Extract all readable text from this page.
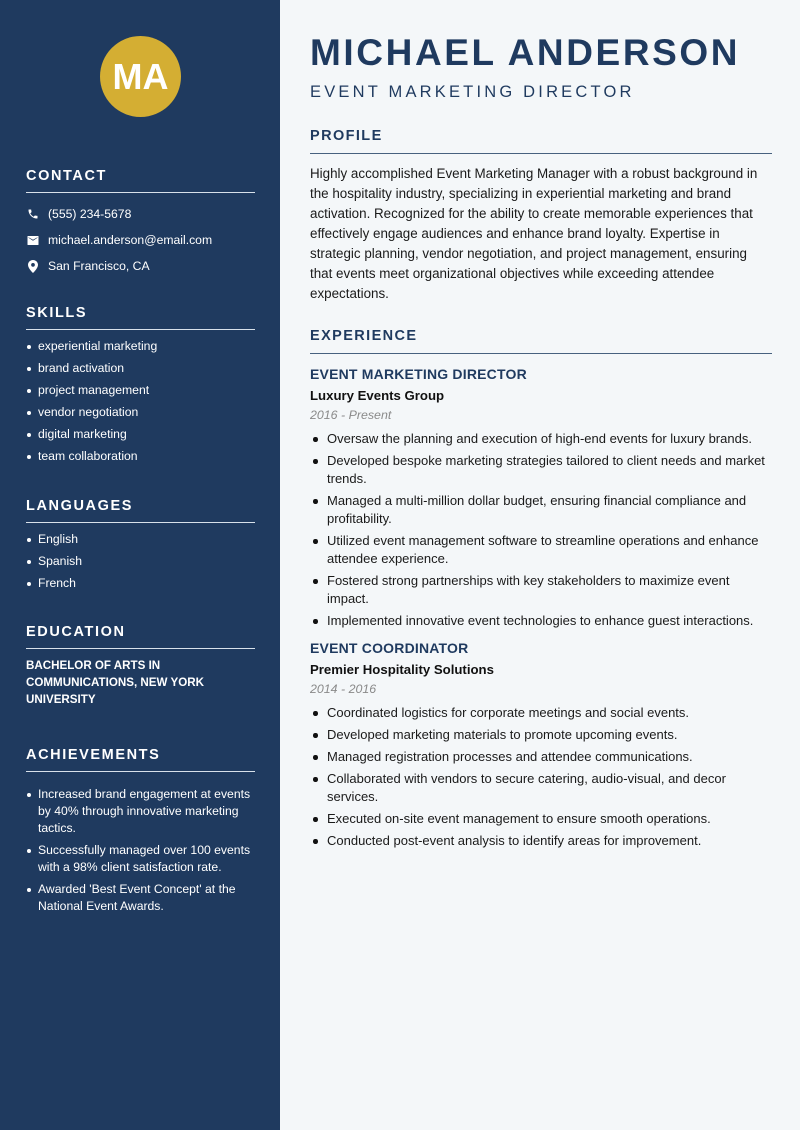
MA
CONTACT
(555) 234-5678
michael.anderson@email.com
San Francisco, CA
SKILLS
experiential marketing
brand activation
project management
vendor negotiation
digital marketing
team collaboration
LANGUAGES
English
Spanish
French
EDUCATION
BACHELOR OF ARTS IN COMMUNICATIONS, NEW YORK UNIVERSITY
ACHIEVEMENTS
Increased brand engagement at events by 40% through innovative marketing tactics.
Successfully managed over 100 events with a 98% client satisfaction rate.
Awarded 'Best Event Concept' at the National Event Awards.
MICHAEL ANDERSON
EVENT MARKETING DIRECTOR
PROFILE
Highly accomplished Event Marketing Manager with a robust background in the hospitality industry, specializing in experiential marketing and brand activation. Recognized for the ability to create memorable experiences that effectively engage audiences and enhance brand loyalty. Expertise in strategic planning, vendor negotiation, and project management, ensuring that events meet organizational objectives while exceeding attendee expectations.
EXPERIENCE
EVENT MARKETING DIRECTOR
Luxury Events Group
2016 - Present
Oversaw the planning and execution of high-end events for luxury brands.
Developed bespoke marketing strategies tailored to client needs and market trends.
Managed a multi-million dollar budget, ensuring financial compliance and profitability.
Utilized event management software to streamline operations and enhance attendee experience.
Fostered strong partnerships with key stakeholders to maximize event impact.
Implemented innovative event technologies to enhance guest interactions.
EVENT COORDINATOR
Premier Hospitality Solutions
2014 - 2016
Coordinated logistics for corporate meetings and social events.
Developed marketing materials to promote upcoming events.
Managed registration processes and attendee communications.
Collaborated with vendors to secure catering, audio-visual, and decor services.
Executed on-site event management to ensure smooth operations.
Conducted post-event analysis to identify areas for improvement.
